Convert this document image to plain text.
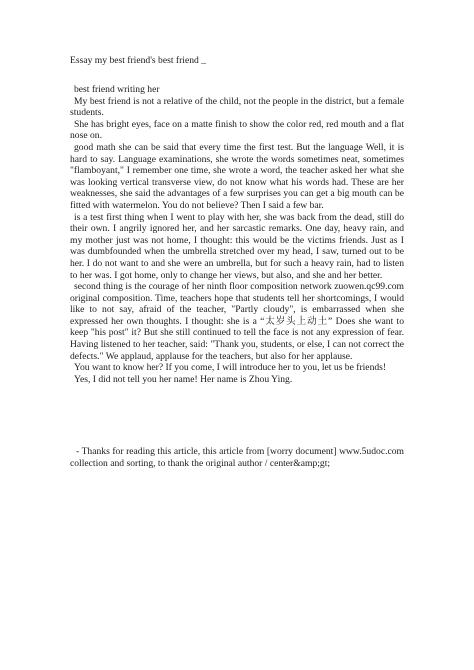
Essay my best friend's best friend _

best friend writing her

My best friend is not a relative of the child, not the people in the district, but a female students.

She has bright eyes, face on a matte finish to show the color red, red mouth and a flat nose on.

good math she can be said that every time the first test. But the language Well, it is hard to say. Language examinations, she wrote the words sometimes neat, sometimes "flamboyant," I remember one time, she wrote a word, the teacher asked her what she was looking vertical transverse view, do not know what his words had. These are her weaknesses, she said the advantages of a few surprises you can get a big mouth can be fitted with watermelon. You do not believe? Then I said a few bar.

is a test first thing when I went to play with her, she was back from the dead, still do their own. I angrily ignored her, and her sarcastic remarks. One day, heavy rain, and my mother just was not home, I thought: this would be the victims friends. Just as I was dumbfounded when the umbrella stretched over my head, I saw, turned out to be her. I do not want to and she were an umbrella, but for such a heavy rain, had to listen to her was. I got home, only to change her views, but also, and she and her better.

second thing is the courage of her ninth floor composition network zuowen.qc99.com original composition. Time, teachers hope that students tell her shortcomings, I would like to not say, afraid of the teacher, "Partly cloudy", is embarrassed when she expressed her own thoughts. I thought: she is a “太岁头上动土” Does she want to keep "his post" it? But she still continued to tell the face is not any expression of fear. Having listened to her teacher, said: "Thank you, students, or else, I can not correct the defects." We applaud, applause for the teachers, but also for her applause.

You want to know her? If you come, I will introduce her to you, let us be friends!

Yes, I did not tell you her name! Her name is Zhou Ying.

- Thanks for reading this article, this article from [worry document] www.5udoc.com collection and sorting, to thank the original author / center&amp;gt;
